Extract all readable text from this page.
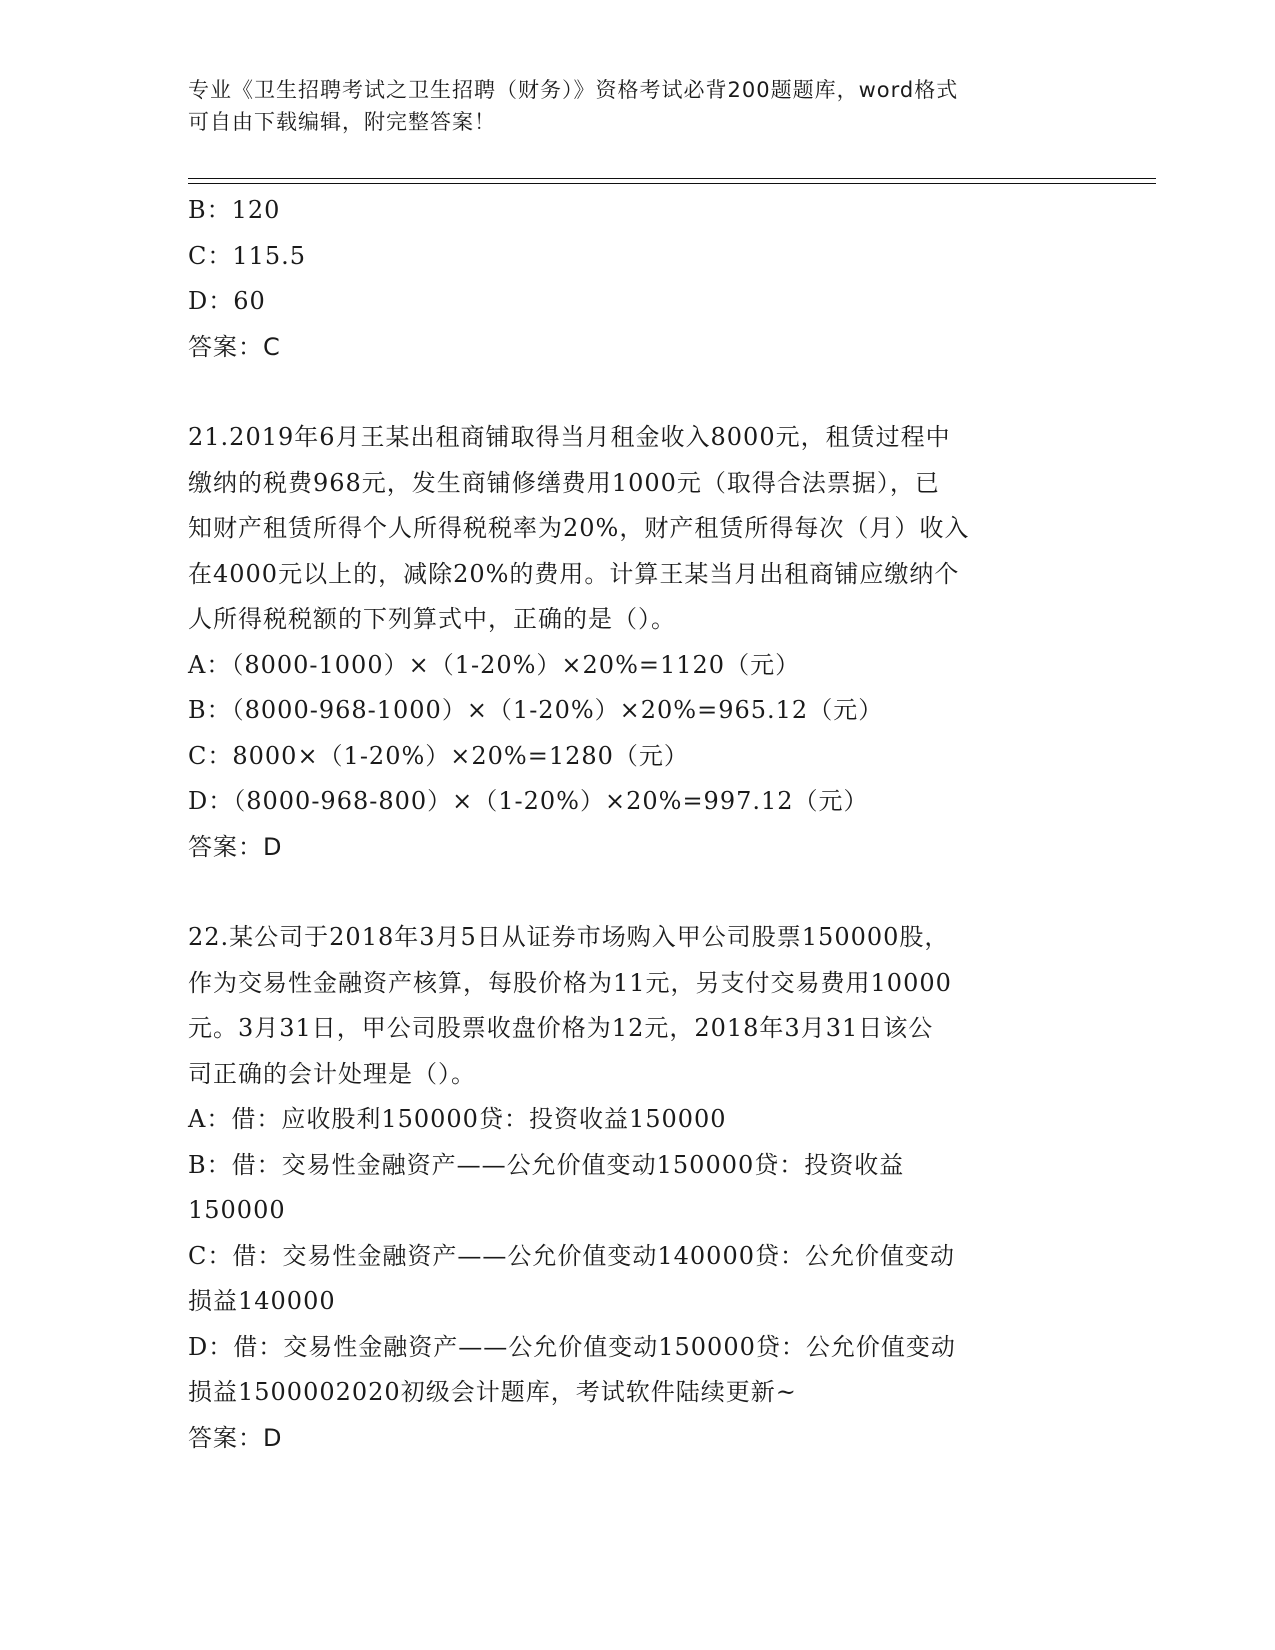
专业《卫生招聘考试之卫生招聘（财务）》资格考试必背200题题库，word格式

可自由下载编辑，附完整答案！

B：120

C：115.5

D：60

答案：C

21.2019年6月王某出租商铺取得当月租金收入8000元，租赁过程中

缴纳的税费968元，发生商铺修缮费用1000元（取得合法票据），已

知财产租赁所得个人所得税税率为20%，财产租赁所得每次（月）收入

在4000元以上的，减除20%的费用。计算王某当月出租商铺应缴纳个

人所得税税额的下列算式中，正确的是（）。

A：（8000-1000）×（1-20%）×20%=1120（元）

B：（8000-968-1000）×（1-20%）×20%=965.12（元）

C：8000×（1-20%）×20%=1280（元）

D：（8000-968-800）×（1-20%）×20%=997.12（元）

答案：D

22.某公司于2018年3月5日从证券市场购入甲公司股票150000股，

作为交易性金融资产核算，每股价格为11元，另支付交易费用10000

元。3月31日，甲公司股票收盘价格为12元，2018年3月31日该公

司正确的会计处理是（）。

A：借：应收股利150000贷：投资收益150000

B：借：交易性金融资产——公允价值变动150000贷：投资收益

150000

C：借：交易性金融资产——公允价值变动140000贷：公允价值变动

损益140000

D：借：交易性金融资产——公允价值变动150000贷：公允价值变动

损益1500002020初级会计题库，考试软件陆续更新~

答案：D
